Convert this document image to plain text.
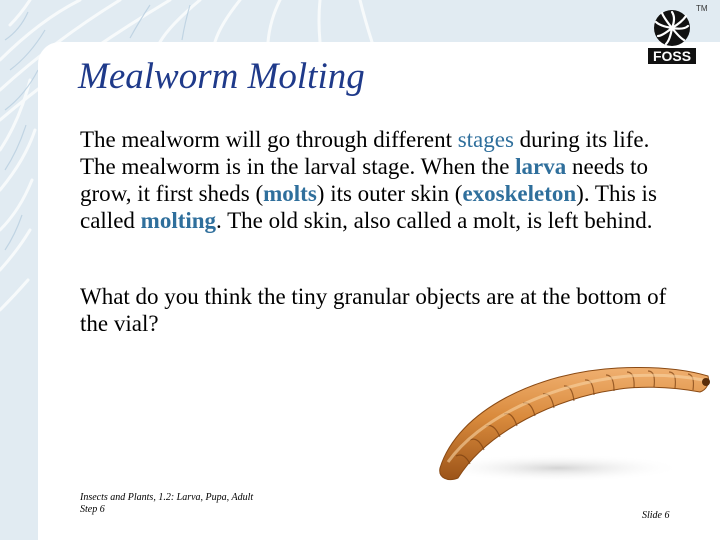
FOSS
TM
Mealworm Molting

The mealworm will go through different stages during its life. The mealworm is in the larval stage. When the larva needs to grow, it first sheds (molts) its outer skin (exoskeleton). This is called molting. The old skin, also called a molt, is left behind.

What do you think the tiny granular objects are at the bottom of the vial?

Insects and Plants, 1.2: Larva, Pupa, Adult
Step 6
Slide 6
